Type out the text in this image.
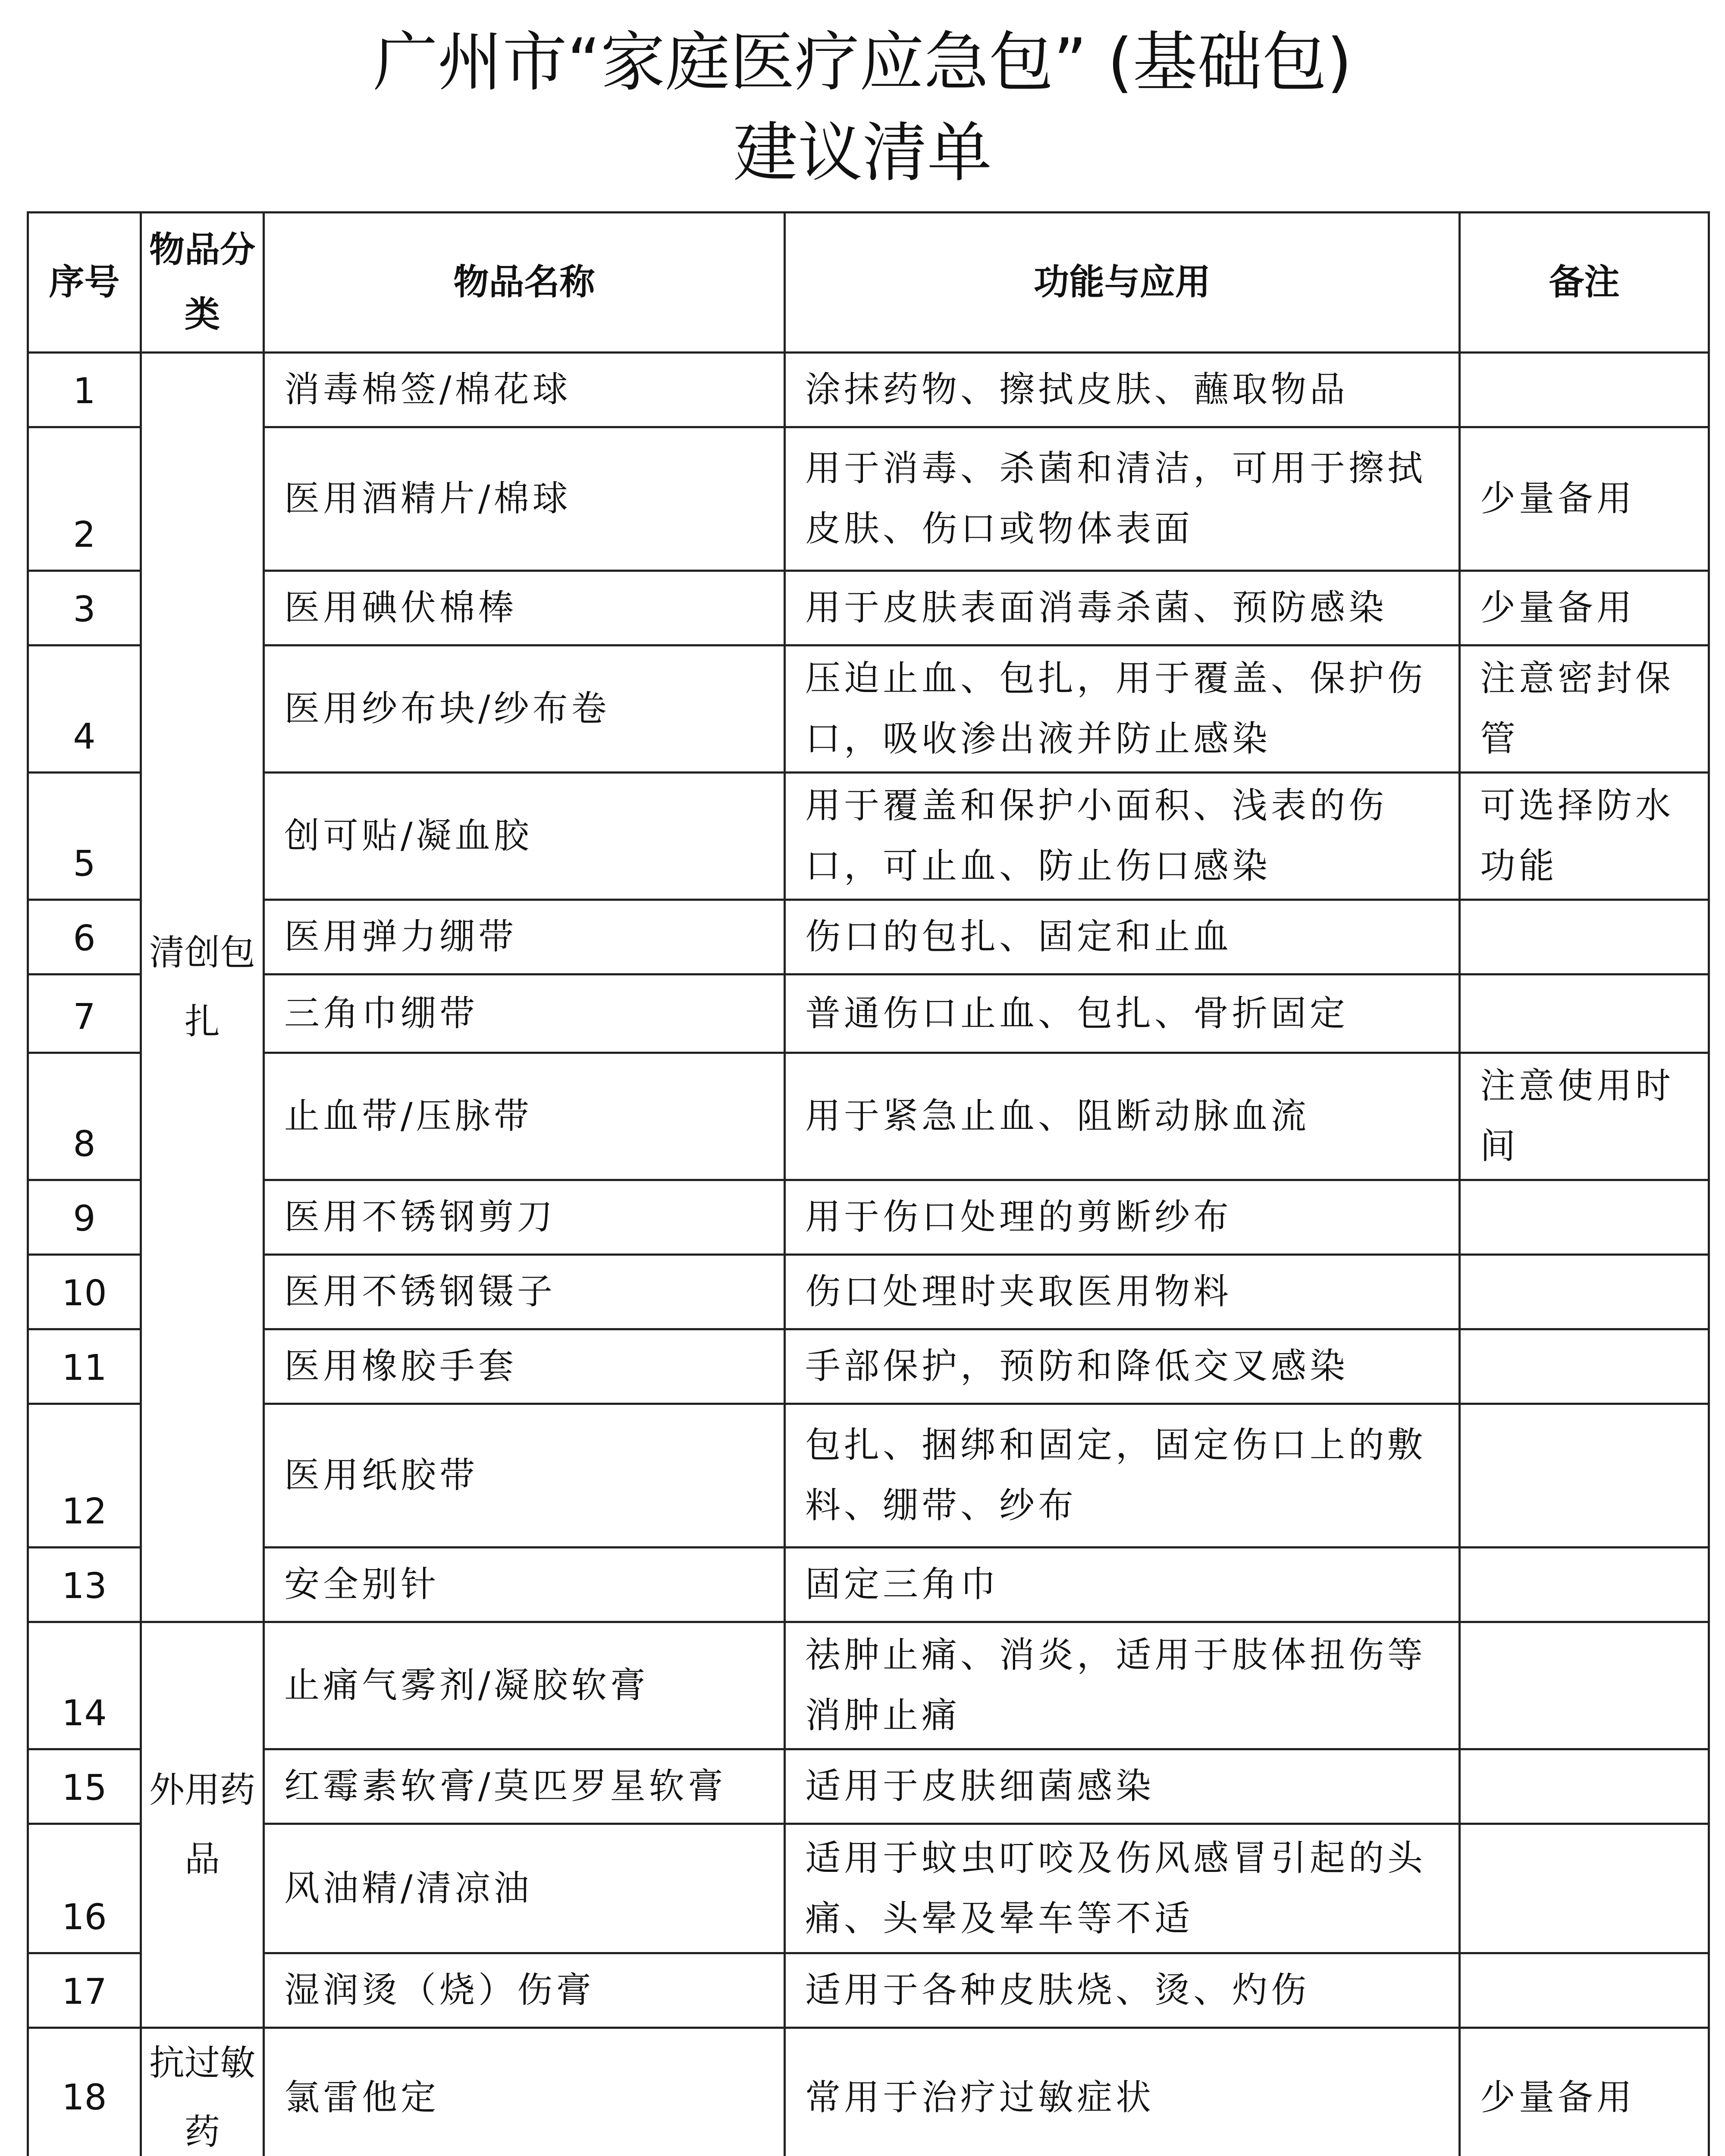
广州市“家庭医疗应急包” (基础包)
建议清单
序号	物品分类	物品名称	功能与应用	备注
1	清创包扎	消毒棉签/棉花球	涂抹药物、擦拭皮肤、蘸取物品	
2		医用酒精片/棉球	用于消毒、杀菌和清洁，可用于擦拭皮肤、伤口或物体表面	少量备用
3		医用碘伏棉棒	用于皮肤表面消毒杀菌、预防感染	少量备用
4		医用纱布块/纱布卷	压迫止血、包扎，用于覆盖、保护伤口，吸收渗出液并防止感染	注意密封保管
5		创可贴/凝血胶	用于覆盖和保护小面积、浅表的伤口，可止血、防止伤口感染	可选择防水功能
6		医用弹力绷带	伤口的包扎、固定和止血	
7		三角巾绷带	普通伤口止血、包扎、骨折固定	
8		止血带/压脉带	用于紧急止血、阻断动脉血流	注意使用时间
9		医用不锈钢剪刀	用于伤口处理的剪断纱布	
10		医用不锈钢镊子	伤口处理时夹取医用物料	
11		医用橡胶手套	手部保护，预防和降低交叉感染	
12		医用纸胶带	包扎、捆绑和固定，固定伤口上的敷料、绷带、纱布	
13		安全别针	固定三角巾	
14	外用药品	止痛气雾剂/凝胶软膏	祛肿止痛、消炎，适用于肢体扭伤等消肿止痛	
15		红霉素软膏/莫匹罗星软膏	适用于皮肤细菌感染	
16		风油精/清凉油	适用于蚊虫叮咬及伤风感冒引起的头痛、头晕及晕车等不适	
17		湿润烫（烧）伤膏	适用于各种皮肤烧、烫、灼伤	
18	抗过敏药	氯雷他定	常用于治疗过敏症状	少量备用
